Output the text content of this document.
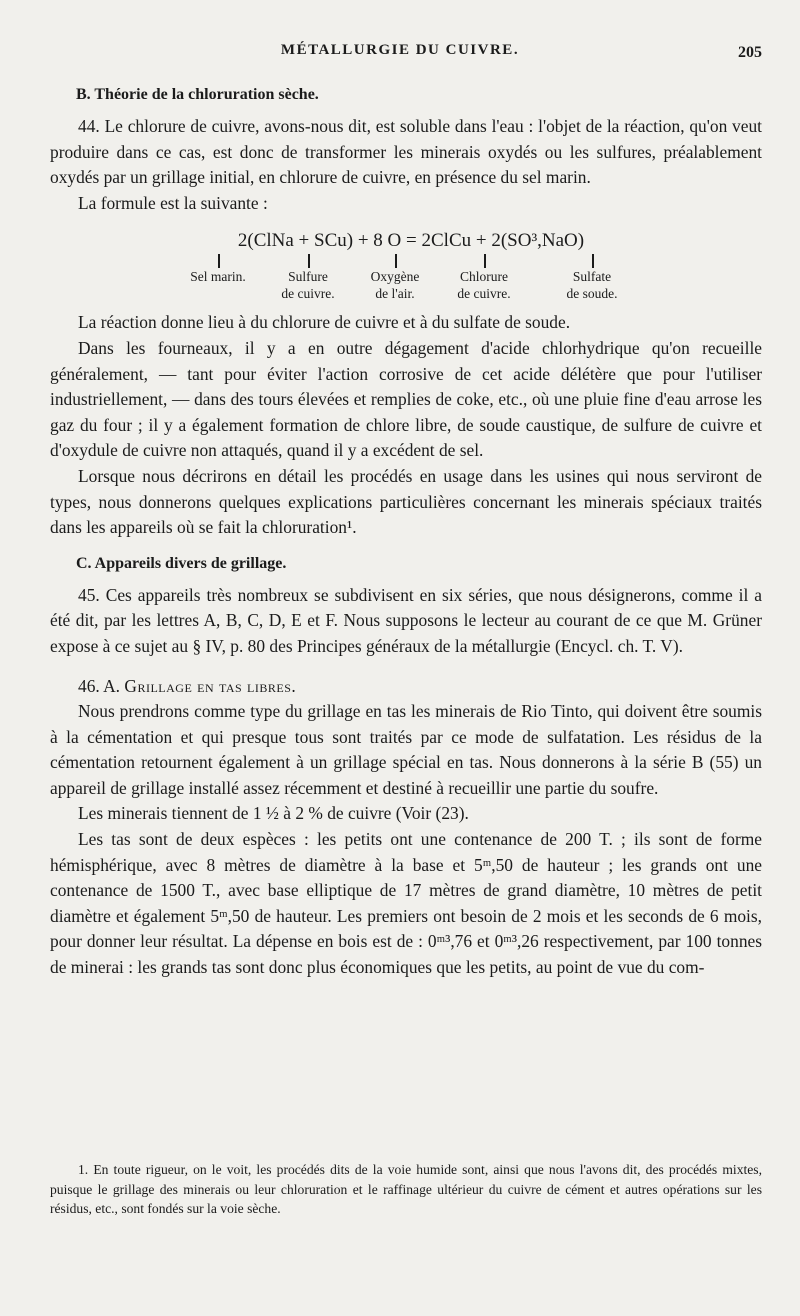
MÉTALLURGIE DU CUIVRE.	205
B. Théorie de la chloruration sèche.

44. Le chlorure de cuivre, avons-nous dit, est soluble dans l'eau : l'objet de la réaction, qu'on veut produire dans ce cas, est donc de transformer les minerais oxydés ou les sulfures, préalablement oxydés par un grillage initial, en chlorure de cuivre, en présence du sel marin.

La formule est la suivante :

2(ClNa + SCu) + 8 O = 2ClCu + 2(SO³,NaO)
Sel marin.	Sulfure
de cuivre.
Oxygène
de l'air.
Chlorure
de cuivre.
Sulfate
de soude.

La réaction donne lieu à du chlorure de cuivre et à du sulfate de soude.

Dans les fourneaux, il y a en outre dégagement d'acide chlorhydrique qu'on recueille généralement, — tant pour éviter l'action corrosive de cet acide délétère que pour l'utiliser industriellement, — dans des tours élevées et remplies de coke, etc., où une pluie fine d'eau arrose les gaz du four ; il y a également formation de chlore libre, de soude caustique, de sulfure de cuivre et d'oxydule de cuivre non attaqués, quand il y a excédent de sel.

Lorsque nous décrirons en détail les procédés en usage dans les usines qui nous serviront de types, nous donnerons quelques explications particulières concernant les minerais spéciaux traités dans les appareils où se fait la chloruration¹.

C. Appareils divers de grillage.

45. Ces appareils très nombreux se subdivisent en six séries, que nous désignerons, comme il a été dit, par les lettres A, B, C, D, E et F. Nous supposons le lecteur au courant de ce que M. Grüner expose à ce sujet au § IV, p. 80 des Principes généraux de la métallurgie (Encycl. ch. T. V).

46. A. Grillage en tas libres.

Nous prendrons comme type du grillage en tas les minerais de Rio Tinto, qui doivent être soumis à la cémentation et qui presque tous sont traités par ce mode de sulfatation. Les résidus de la cémentation retournent également à un grillage spécial en tas. Nous donnerons à la série B (55) un appareil de grillage installé assez récemment et destiné à recueillir une partie du soufre.

Les minerais tiennent de 1 ½ à 2 % de cuivre (Voir (23).

Les tas sont de deux espèces : les petits ont une contenance de 200 T. ; ils sont de forme hémisphérique, avec 8 mètres de diamètre à la base et 5ᵐ,50 de hauteur ; les grands ont une contenance de 1500 T., avec base elliptique de 17 mètres de grand diamètre, 10 mètres de petit diamètre et également 5ᵐ,50 de hauteur. Les premiers ont besoin de 2 mois et les seconds de 6 mois, pour donner leur résultat. La dépense en bois est de : 0ᵐ³,76 et 0ᵐ³,26 respectivement, par 100 tonnes de minerai : les grands tas sont donc plus économiques que les petits, au point de vue du com-

1. En toute rigueur, on le voit, les procédés dits de la voie humide sont, ainsi que nous l'avons dit, des procédés mixtes, puisque le grillage des minerais ou leur chloruration et le raffinage ultérieur du cuivre de cément et autres opérations sur les résidus, etc., sont fondés sur la voie sèche.
